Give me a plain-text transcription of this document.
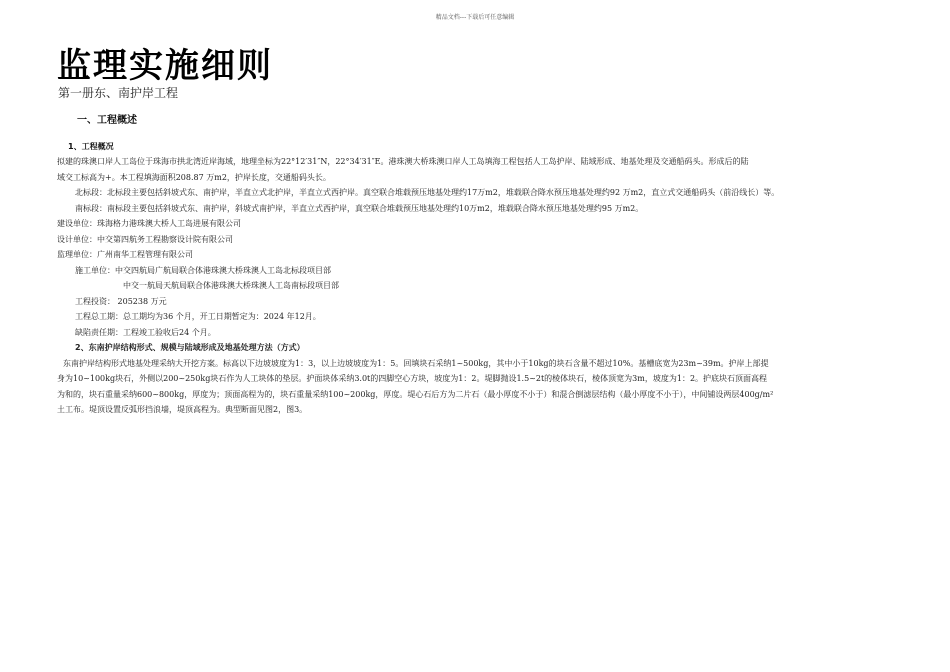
精品文档---下载后可任意编辑
监理实施细则
第一册东、南护岸工程
一、工程概述
1、工程概况
拟建的珠澳口岸人工岛位于珠海市拱北湾近岸海域，地理坐标为22°12′31″N，22°34′31″E。港珠澳大桥珠澳口岸人工岛填海工程包括人工岛护岸、陆域形成、地基处理及交通船码头。形成后的陆
域交工标高为+。本工程填海面积208.87 万m2，护岸长度，交通船码头长。
北标段：北标段主要包括斜坡式东、南护岸，半直立式北护岸，半直立式西护岸。真空联合堆载预压地基处理约17万m2，堆载联合降水预压地基处理约92 万m2，直立式交通船码头（前沿线长）等。
南标段：南标段主要包括斜坡式东、南护岸，斜坡式南护岸，半直立式西护岸，真空联合堆载预压地基处理约10万m2，堆载联合降水预压地基处理约95 万m2。
建设单位：珠海格力港珠澳大桥人工岛进展有限公司
设计单位：中交第四航务工程勘察设计院有限公司
监理单位：广州南华工程管理有限公司
施工单位：中交四航局广航局联合体港珠澳大桥珠澳人工岛北标段项目部
中交一航局天航局联合体港珠澳大桥珠澳人工岛南标段项目部
工程投资： 205238 万元
工程总工期：总工期均为36 个月，开工日期暂定为：2024 年12月。
缺陷责任期：工程竣工验收后24 个月。
2、东南护岸结构形式、规模与陆域形成及地基处理方法（方式）
东南护岸结构形式地基处理采纳大开挖方案。标高以下边坡坡度为1：3，以上边坡坡度为1：5。回填块石采纳1~500kg，其中小于10kg的块石含量不超过10%。基槽底宽为23m~39m。护岸上部提
身为10~100kg块石，外侧以200~250kg块石作为人工块体的垫层。护面块体采纳3.0t的四脚空心方块，坡度为1：2。堤脚抛设1.5~2t的棱体块石，棱体顶宽为3m，坡度为1：2。护底块石顶面高程
为和的，块石重量采纳600~800kg，厚度为；顶面高程为的，块石重量采纳100~200kg，厚度。堤心石后方为二片石（最小厚度不小于）和混合倒滤层结构（最小厚度不小于），中间铺设两层400g/m²
土工布。堤顶设置反弧形挡浪墙，堤顶高程为。典型断面见图2，图3。
